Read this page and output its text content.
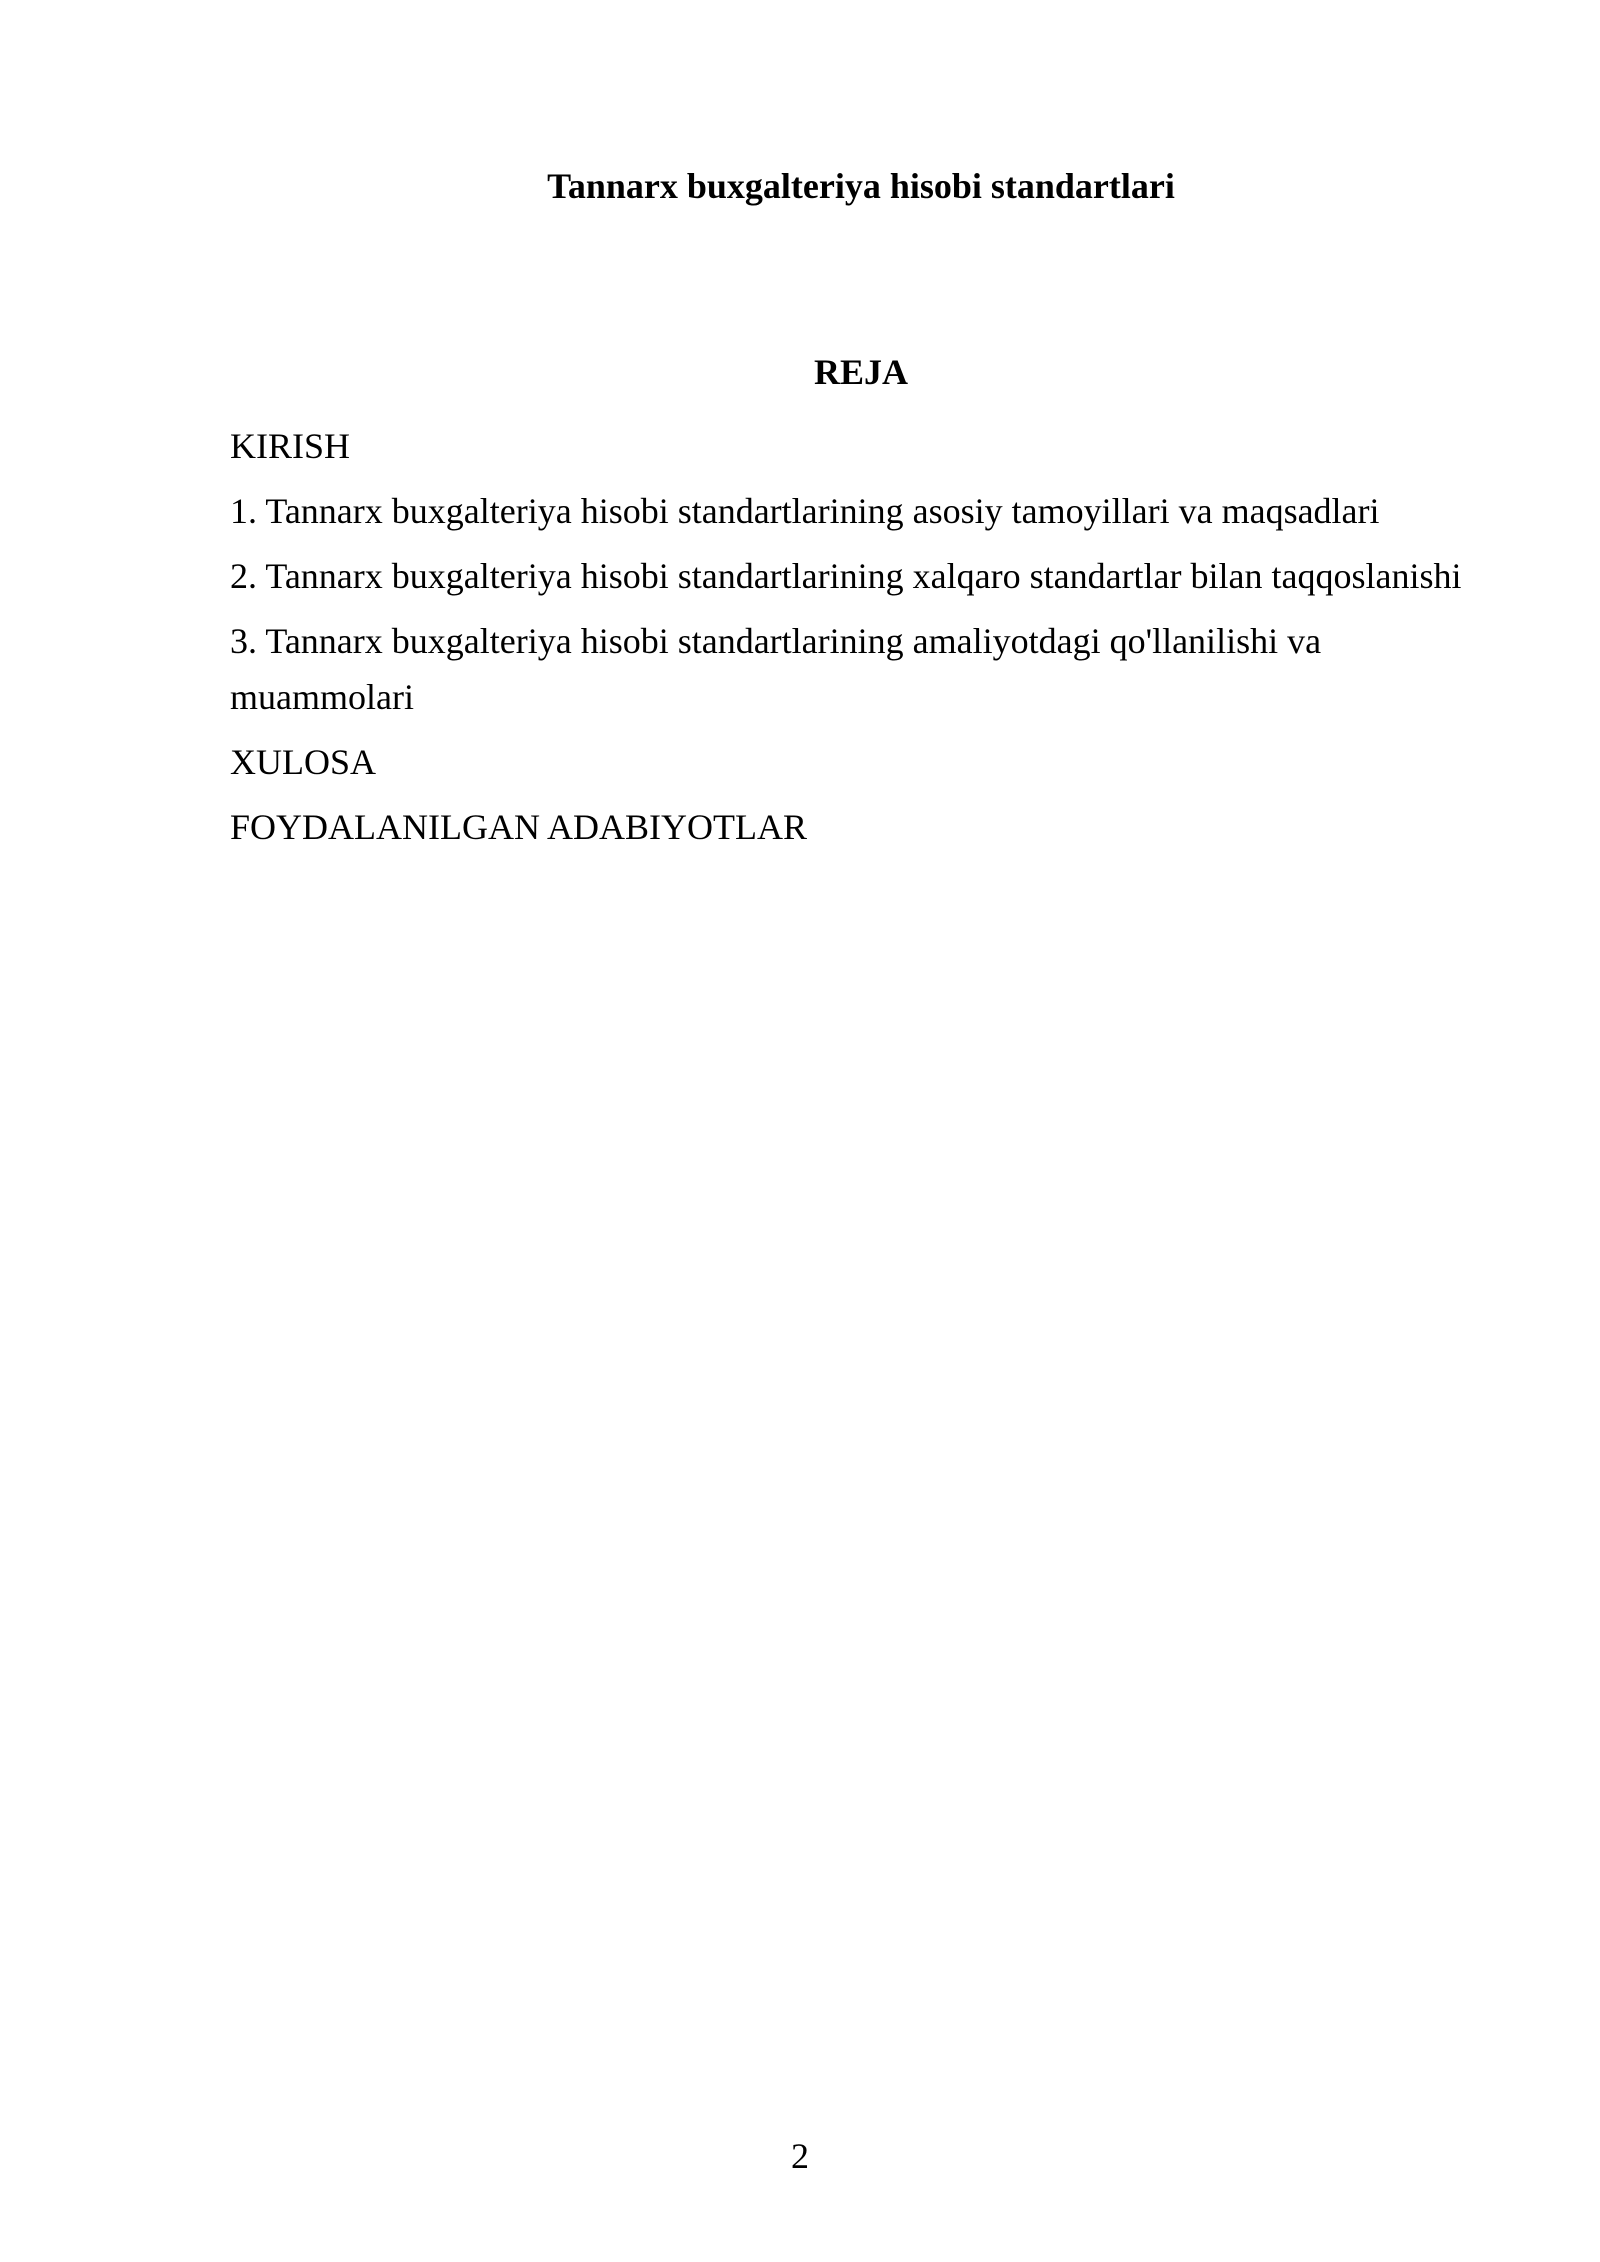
Tannarx buxgalteriya hisobi standartlari
REJA
KIRISH
1. Tannarx buxgalteriya hisobi standartlarining asosiy tamoyillari va maqsadlari
2. Tannarx buxgalteriya hisobi standartlarining xalqaro standartlar bilan taqqoslanishi
3. Tannarx buxgalteriya hisobi standartlarining amaliyotdagi qo'llanilishi va muammolari
XULOSA
FOYDALANILGAN ADABIYOTLAR
2
